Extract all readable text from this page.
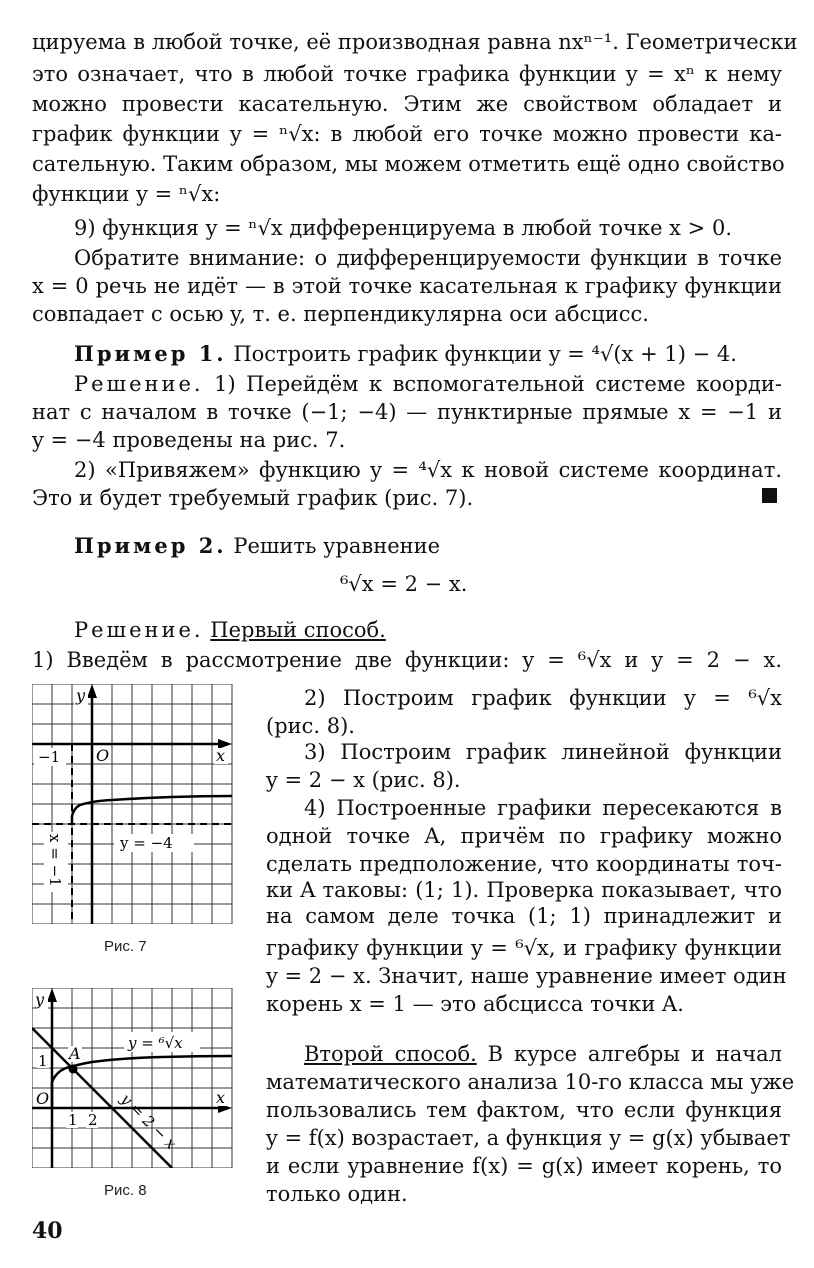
цируема в любой точке, её производная равна nxⁿ⁻¹. Геометрически
это означает, что в любой точке графика функции y = xⁿ к нему
можно провести касательную. Этим же свойством обладает и
график функции y = ⁿ√x: в любой его точке можно провести ка-
сательную. Таким образом, мы можем отметить ещё одно свойство
функции y = ⁿ√x:
9) функция y = ⁿ√x дифференцируема в любой точке x > 0.
Обратите внимание: о дифференцируемости функции в точке
x = 0 речь не идёт — в этой точке касательная к графику функции
совпадает с осью y, т. е. перпендикулярна оси абсцисс.
Пример 1. Построить график функции y = ⁴√(x + 1) − 4.
Решение. 1) Перейдём к вспомогательной системе коорди-
нат с началом в точке (−1; −4) — пунктирные прямые x = −1 и
y = −4 проведены на рис. 7.
2) «Привяжем» функцию y = ⁴√x к новой системе координат.
Это и будет требуемый график (рис. 7).
Пример 2. Решить уравнение
⁶√x = 2 − x.
Решение. Первый способ.
1) Введём в рассмотрение две функции: y = ⁶√x и y = 2 − x.
2) Построим график функции y = ⁶√x
(рис. 8).
3) Построим график линейной функции
y = 2 − x (рис. 8).
4) Построенные графики пересекаются в
одной точке A, причём по графику можно
сделать предположение, что координаты точ-
ки A таковы: (1; 1). Проверка показывает, что
на самом деле точка (1; 1) принадлежит и
графику функции y = ⁶√x, и графику функции
y = 2 − x. Значит, наше уравнение имеет один
корень x = 1 — это абсцисса точки A.
Второй способ. В курсе алгебры и начал
математического анализа 10-го класса мы уже
пользовались тем фактом, что если функция
y = f(x) возрастает, а функция y = g(x) убывает
и если уравнение f(x) = g(x) имеет корень, то
только один.
y
x
O
−1
y = −4
x = −1
Рис. 7
y
x
O
1
1 2
A
y = ⁶√x
y = 2 − x
Рис. 8
40
